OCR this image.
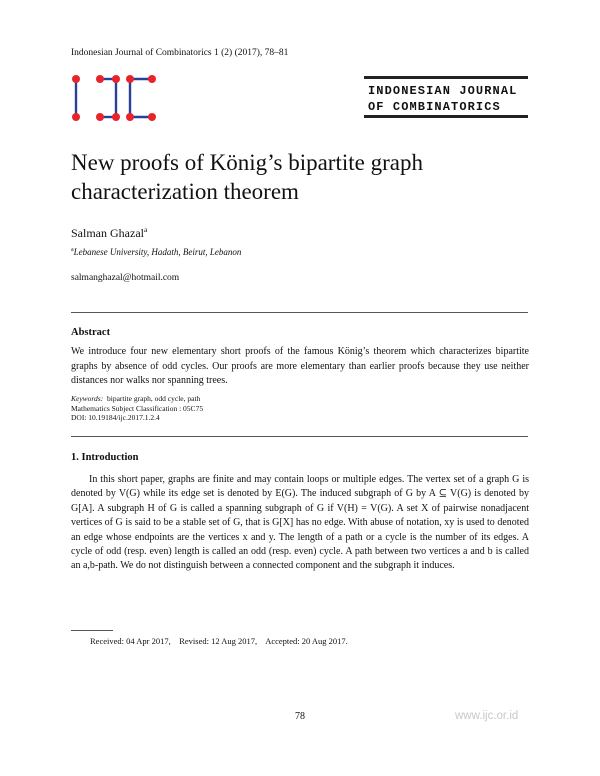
Indonesian Journal of Combinatorics 1 (2) (2017), 78–81
INDONESIAN JOURNAL
OF COMBINATORICS
New proofs of König’s bipartite graph characterization theorem
Salman Ghazal$^a$
$^a$Lebanese University, Hadath, Beirut, Lebanon
salmanghazal@hotmail.com
Abstract
We introduce four new elementary short proofs of the famous König’s theorem which characterizes bipartite graphs by absence of odd cycles. Our proofs are more elementary than earlier proofs because they use neither distances nor walks nor spanning trees.
Keywords: bipartite graph, odd cycle, path
Mathematics Subject Classification : 05C75
DOI: 10.19184/ijc.2017.1.2.4
1. Introduction
In this short paper, graphs are finite and may contain loops or multiple edges. The vertex set of a graph G is denoted by V(G) while its edge set is denoted by E(G). The induced subgraph of G by A ⊆ V(G) is denoted by G[A]. A subgraph H of G is called a spanning subgraph of G if V(H) = V(G). A set X of pairwise nonadjacent vertices of G is said to be a stable set of G, that is G[X] has no edge. With abuse of notation, xy is used to denoted an edge whose endpoints are the vertices x and y. The length of a path or a cycle is the number of its edges. A cycle of odd (resp. even) length is called an odd (resp. even) cycle. A path between two vertices a and b is called an a,b-path. We do not distinguish between a connected component and the subgraph it induces.
Received: 04 Apr 2017, Revised: 12 Aug 2017, Accepted: 20 Aug 2017.
78	www.ijc.or.id
